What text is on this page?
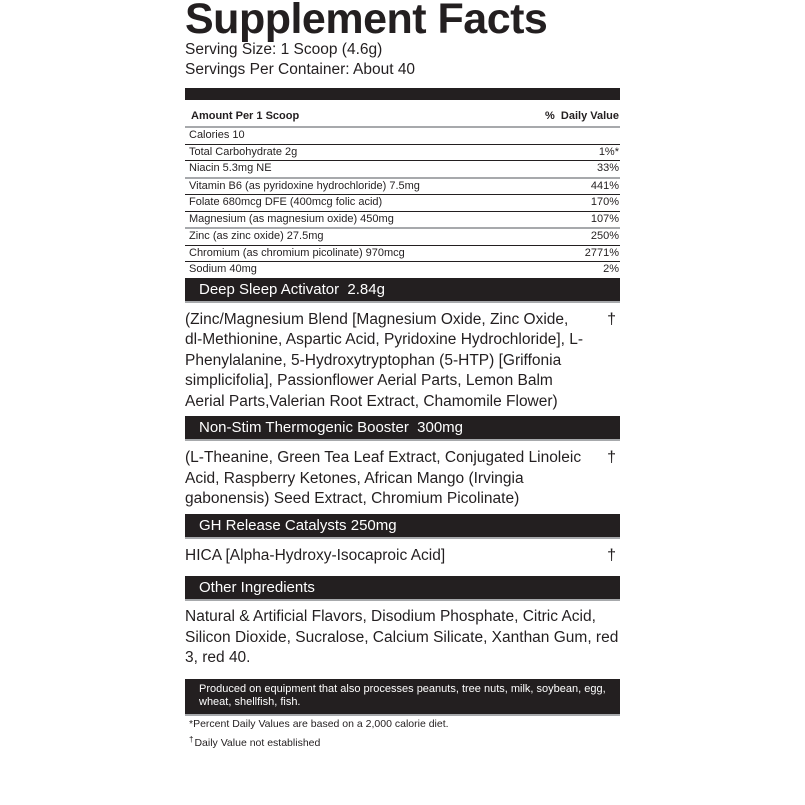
Supplement Facts
Serving Size: 1 Scoop (4.6g)
Servings Per Container: About 40
Amount Per 1 Scoop	%  Daily Value
Calories 10
Total Carbohydrate 2g	1%*
Niacin 5.3mg NE	33%
Vitamin B6 (as pyridoxine hydrochloride) 7.5mg	441%
Folate 680mcg DFE (400mcg folic acid)	170%
Magnesium (as magnesium oxide) 450mg	107%
Zinc (as zinc oxide) 27.5mg	250%
Chromium (as chromium picolinate) 970mcg	2771%
Sodium 40mg	2%
Deep Sleep Activator  2.84g
(Zinc/Magnesium Blend [Magnesium Oxide, Zinc Oxide, dl-Methionine, Aspartic Acid, Pyridoxine Hydrochloride], L-Phenylalanine, 5-Hydroxytryptophan (5-HTP) [Griffonia simplicifolia], Passionflower Aerial Parts, Lemon Balm Aerial Parts,Valerian Root Extract, Chamomile Flower)
†
Non-Stim Thermogenic Booster  300mg
(L-Theanine, Green Tea Leaf Extract, Conjugated Linoleic Acid, Raspberry Ketones, African Mango (Irvingia gabonensis) Seed Extract, Chromium Picolinate)
†
GH Release Catalysts 250mg
HICA [Alpha-Hydroxy-Isocaproic Acid]	†
Other Ingredients
Natural & Artificial Flavors, Disodium Phosphate, Citric Acid, Silicon Dioxide, Sucralose, Calcium Silicate, Xanthan Gum, red 3, red 40.
Produced on equipment that also processes peanuts, tree nuts, milk, soybean, egg, wheat, shellfish, fish.
*Percent Daily Values are based on a 2,000 calorie diet.
†Daily Value not established
